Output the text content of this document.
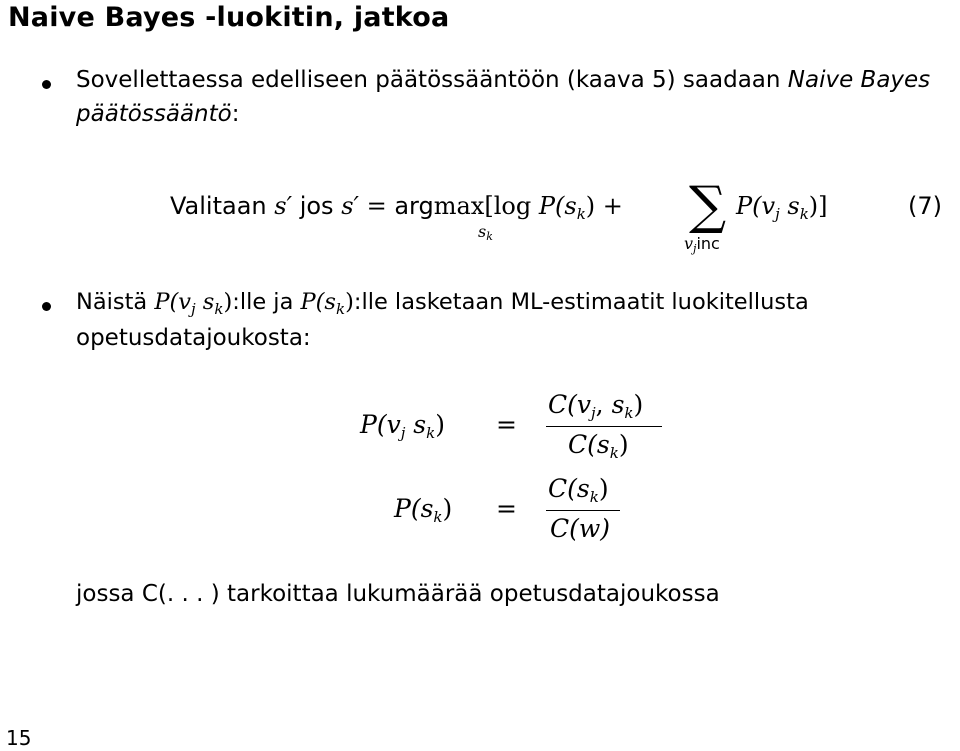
Naive Bayes -luokitin, jatkoa
Sovellettaessa edelliseen päätössääntöön (kaava 5) saadaan Naive Bayes
päätössääntö:
Valitaan s′ jos s′ = argmax[log $P(s_k)$ +
sk
∑
vjinc
$P(v_j$ $s_k$)]	(7)
Näistä $P(v_j$ $s_k):lle$ ja $P(s_k):lle$ lasketaan ML-estimaatit luokitellusta
opetusdatajoukosta:
$P(v_j$ $s_k$) =
$C(v_j$, $s_k$)
$C(s_k)$
$P(s_k)$ =
$C(s_k)$
C(w)
jossa C(. . . ) tarkoittaa lukumäärää opetusdatajoukossa
15
